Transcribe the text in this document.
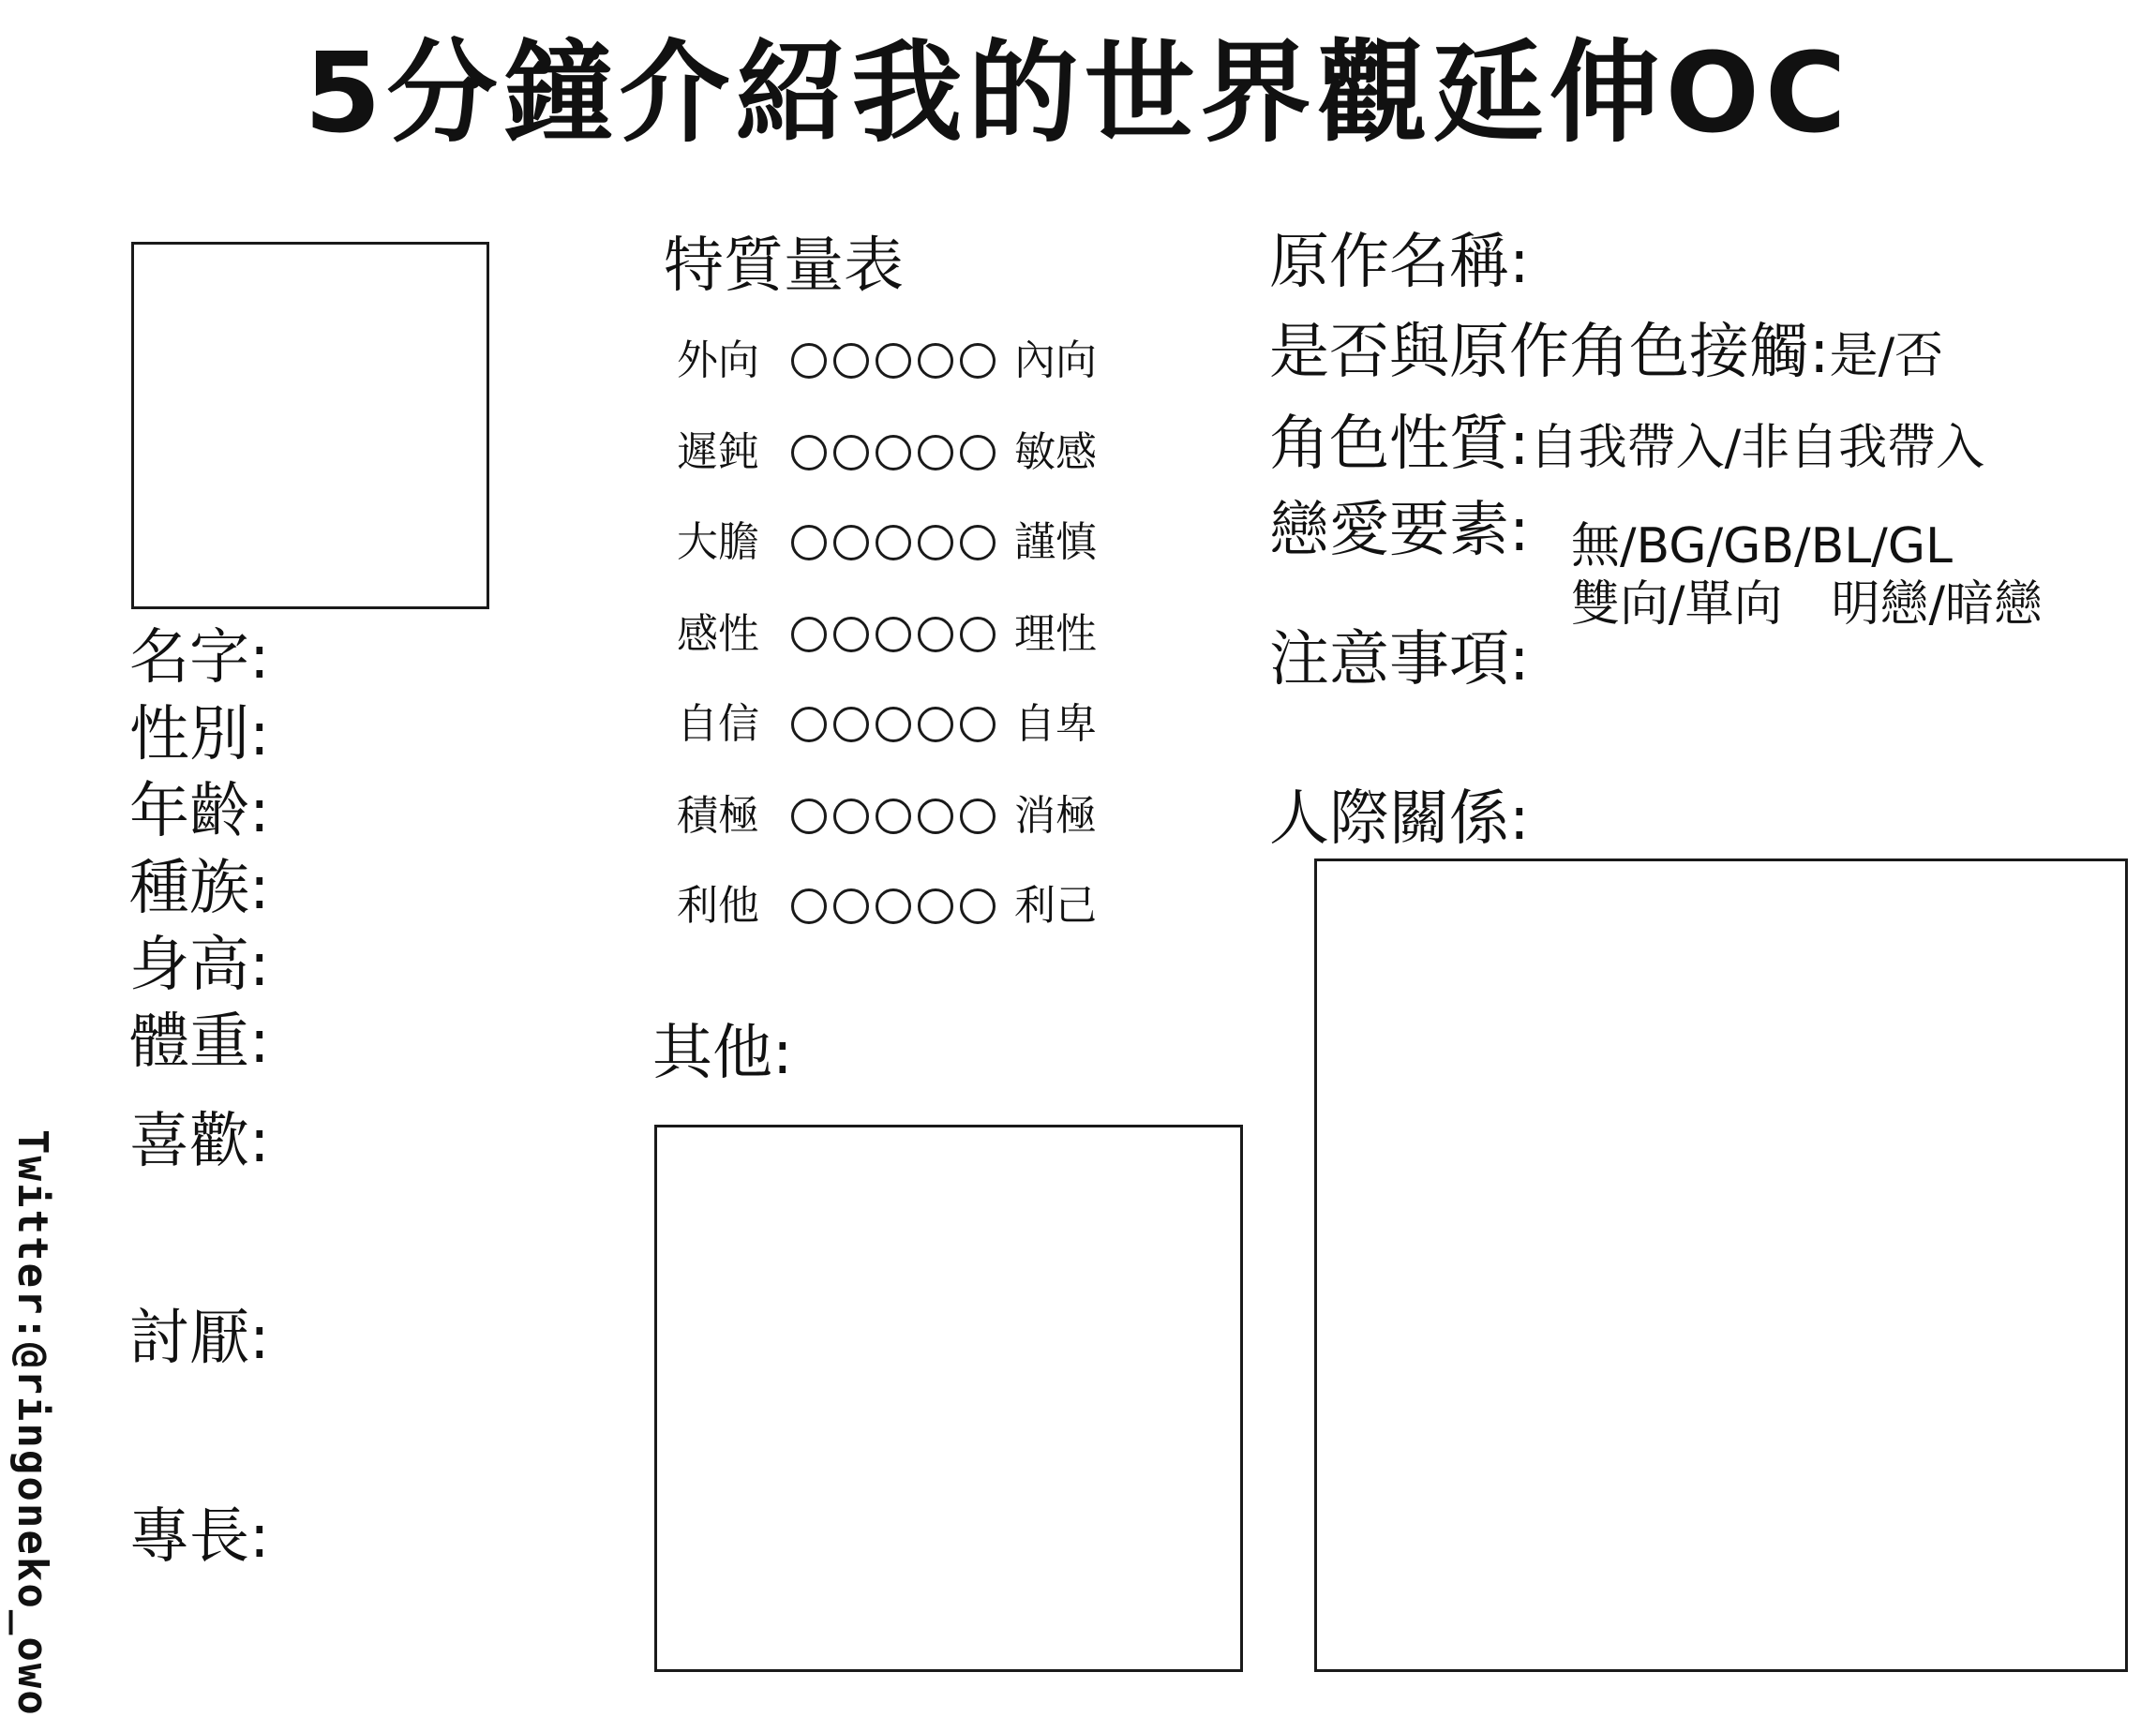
5分鐘介紹我的世界觀延伸OC
名字:
性別:
年齡:
種族:
身高:
體重:
喜歡:
討厭:
專長:
Twitter:@ringoneko_owo
特質量表
外向	內向
遲鈍	敏感
大膽	謹慎
感性	理性
自信	自卑
積極	消極
利他	利己
其他:
原作名稱:
是否與原作角色接觸:是/否
角色性質:自我帶入/非自我帶入
戀愛要素: 無/BG/GB/BL/GL
雙向/單向　明戀/暗戀
注意事項:
人際關係:
